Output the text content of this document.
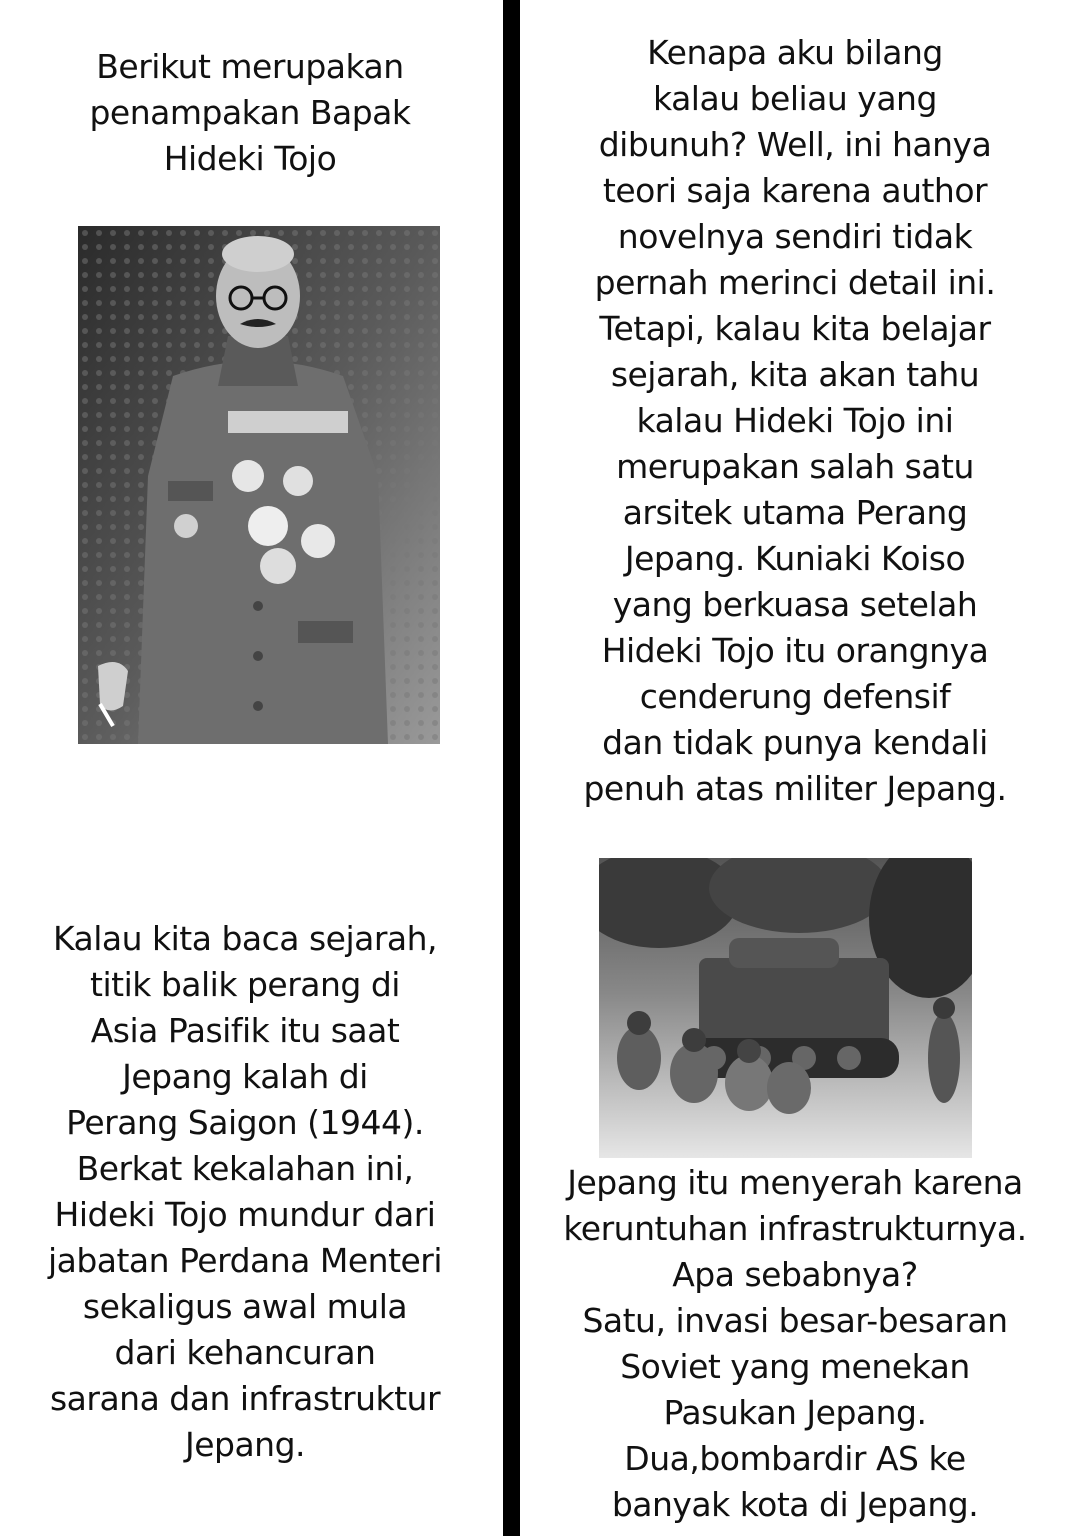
Berikut merupakan
penampakan Bapak
Hideki Tojo
Kenapa aku bilang
kalau beliau yang
dibunuh? Well, ini hanya
teori saja karena author
novelnya sendiri tidak
pernah merinci detail ini.
Tetapi, kalau kita belajar
sejarah, kita akan tahu
kalau Hideki Tojo ini
merupakan salah satu
arsitek utama Perang
Jepang. Kuniaki Koiso
yang berkuasa setelah
Hideki Tojo itu orangnya
cenderung defensif
dan tidak punya kendali
penuh atas militer Jepang.
Kalau kita baca sejarah,
titik balik perang di
Asia Pasifik itu saat
Jepang kalah di
Perang Saigon (1944).
Berkat kekalahan ini,
Hideki Tojo mundur dari
jabatan Perdana Menteri
sekaligus awal mula
dari kehancuran
sarana dan infrastruktur
Jepang.
Jepang itu menyerah karena
keruntuhan infrastrukturnya.
Apa sebabnya?
Satu, invasi besar-besaran
Soviet yang menekan
Pasukan Jepang.
Dua,bombardir AS ke
banyak kota di Jepang.
